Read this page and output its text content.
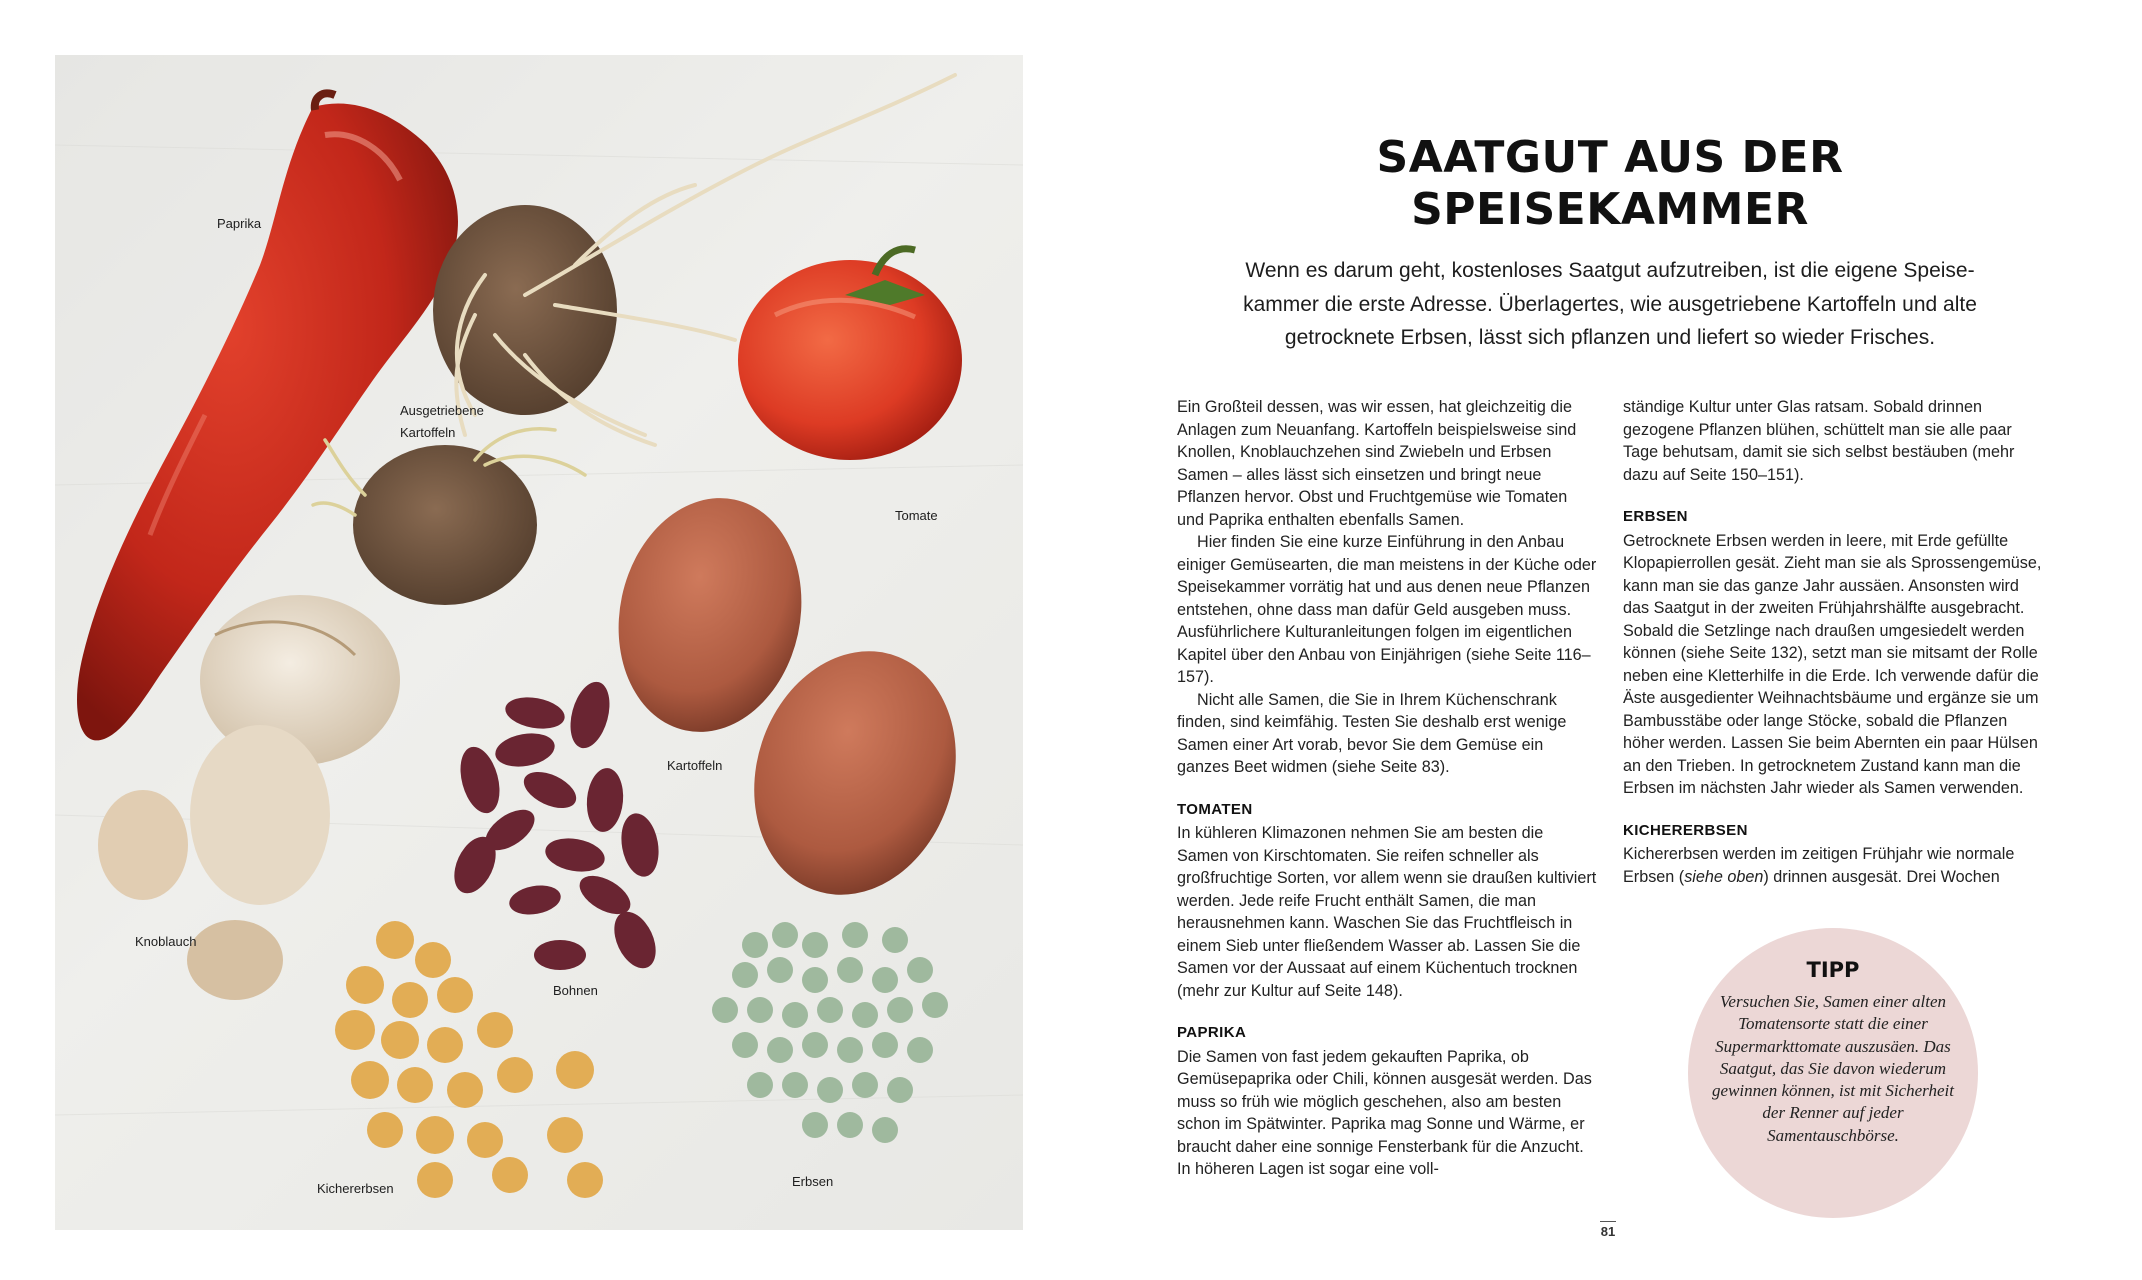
Paprika
Ausgetriebene
Kartoffeln
Tomate
Kartoffeln
Knoblauch
Bohnen
Kichererbsen	Erbsen
SAATGUT AUS DER
SPEISEKAMMER

Wenn es darum geht, kostenloses Saatgut aufzutreiben, ist die eigene Speise-
kammer die erste Adresse. Überlagertes, wie ausgetriebene Kartoffeln und alte
getrocknete Erbsen, lässt sich pflanzen und liefert so wieder Frisches.

Ein Großteil dessen, was wir essen, hat gleichzeitig die Anlagen zum Neuanfang. Kartoffeln beispielsweise sind Knollen, Knoblauchzehen sind Zwiebeln und Erbsen Samen – alles lässt sich einsetzen und bringt neue Pflanzen hervor. Obst und Fruchtgemüse wie Tomaten und Paprika enthalten ebenfalls Samen.

Hier finden Sie eine kurze Einführung in den Anbau einiger Gemüsearten, die man meistens in der Küche oder Speisekammer vorrätig hat und aus denen neue Pflanzen entstehen, ohne dass man dafür Geld ausgeben muss. Ausführlichere Kulturanleitungen folgen im eigentlichen Kapitel über den Anbau von Einjährigen (siehe Seite 116–157).

Nicht alle Samen, die Sie in Ihrem Küchenschrank finden, sind keimfähig. Testen Sie deshalb erst wenige Samen einer Art vorab, bevor Sie dem Gemüse ein ganzes Beet widmen (siehe Seite 83).

TOMATEN

In kühleren Klimazonen nehmen Sie am besten die Samen von Kirschtomaten. Sie reifen schneller als großfruchtige Sorten, vor allem wenn sie draußen kultiviert werden. Jede reife Frucht enthält Samen, die man herausnehmen kann. Waschen Sie das Fruchtfleisch in einem Sieb unter fließendem Wasser ab. Lassen Sie die Samen vor der Aussaat auf einem Küchentuch trocknen (mehr zur Kultur auf Seite 148).

PAPRIKA

Die Samen von fast jedem gekauften Paprika, ob Gemüsepaprika oder Chili, können ausgesät werden. Das muss so früh wie möglich geschehen, also am besten schon im Spätwinter. Paprika mag Sonne und Wärme, er braucht daher eine sonnige Fensterbank für die Anzucht. In höheren Lagen ist sogar eine voll-

ständige Kultur unter Glas ratsam. Sobald drinnen gezogene Pflanzen blühen, schüttelt man sie alle paar Tage behutsam, damit sie sich selbst bestäuben (mehr dazu auf Seite 150–151).

ERBSEN

Getrocknete Erbsen werden in leere, mit Erde gefüllte Klopapierrollen gesät. Zieht man sie als Sprossengemüse, kann man sie das ganze Jahr aussäen. Ansonsten wird das Saatgut in der zweiten Frühjahrshälfte ausgebracht. Sobald die Setzlinge nach draußen umgesiedelt werden können (siehe Seite 132), setzt man sie mitsamt der Rolle neben eine Kletterhilfe in die Erde. Ich verwende dafür die Äste ausgedienter Weihnachtsbäume und ergänze sie um Bambusstäbe oder lange Stöcke, sobald die Pflanzen höher werden. Lassen Sie beim Abernten ein paar Hülsen an den Trieben. In getrocknetem Zustand kann man die Erbsen im nächsten Jahr wieder als Samen verwenden.

KICHERERBSEN

Kichererbsen werden im zeitigen Frühjahr wie normale Erbsen (siehe oben) drinnen ausgesät. Drei Wochen

TIPP

Versuchen Sie, Samen einer alten Tomatensorte statt die einer Supermarkttomate auszusäen. Das Saatgut, das Sie davon wiederum gewinnen können, ist mit Sicherheit der Renner auf jeder Samentauschbörse.

81
